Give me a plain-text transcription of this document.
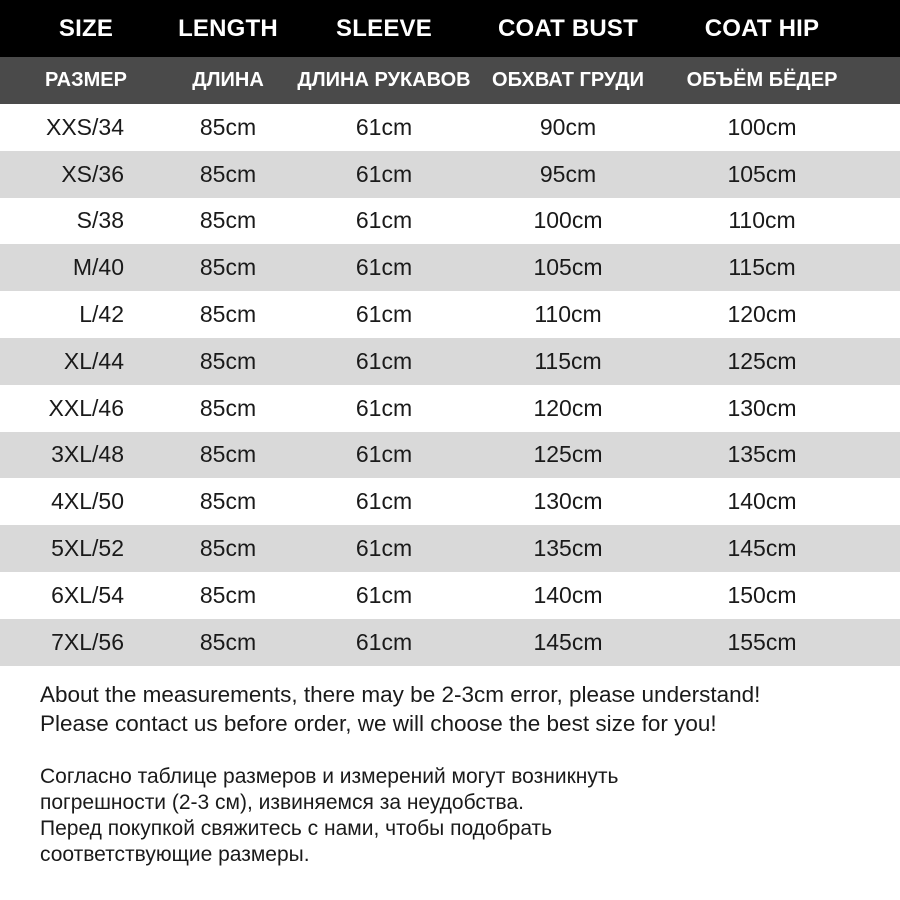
SIZE	LENGTH	SLEEVE	COAT BUST	COAT HIP
РАЗМЕР	ДЛИНА	ДЛИНА РУКАВОВ	ОБХВАТ ГРУДИ	ОБЪЁМ БЁДЕР
XXS/34	85cm	61cm	90cm	100cm
XS/36	85cm	61cm	95cm	105cm
S/38	85cm	61cm	100cm	110cm
M/40	85cm	61cm	105cm	115cm
L/42	85cm	61cm	110cm	120cm
XL/44	85cm	61cm	115cm	125cm
XXL/46	85cm	61cm	120cm	130cm
3XL/48	85cm	61cm	125cm	135cm
4XL/50	85cm	61cm	130cm	140cm
5XL/52	85cm	61cm	135cm	145cm
6XL/54	85cm	61cm	140cm	150cm
7XL/56	85cm	61cm	145cm	155cm

About the measurements, there may be 2-3cm error, please understand!

Please contact us before order, we will choose the best size for you!

Согласно таблице размеров и измерений могут возникнуть

погрешности (2-3 см), извиняемся за неудобства.

Перед покупкой свяжитесь с нами, чтобы подобрать

соответствующие размеры.
